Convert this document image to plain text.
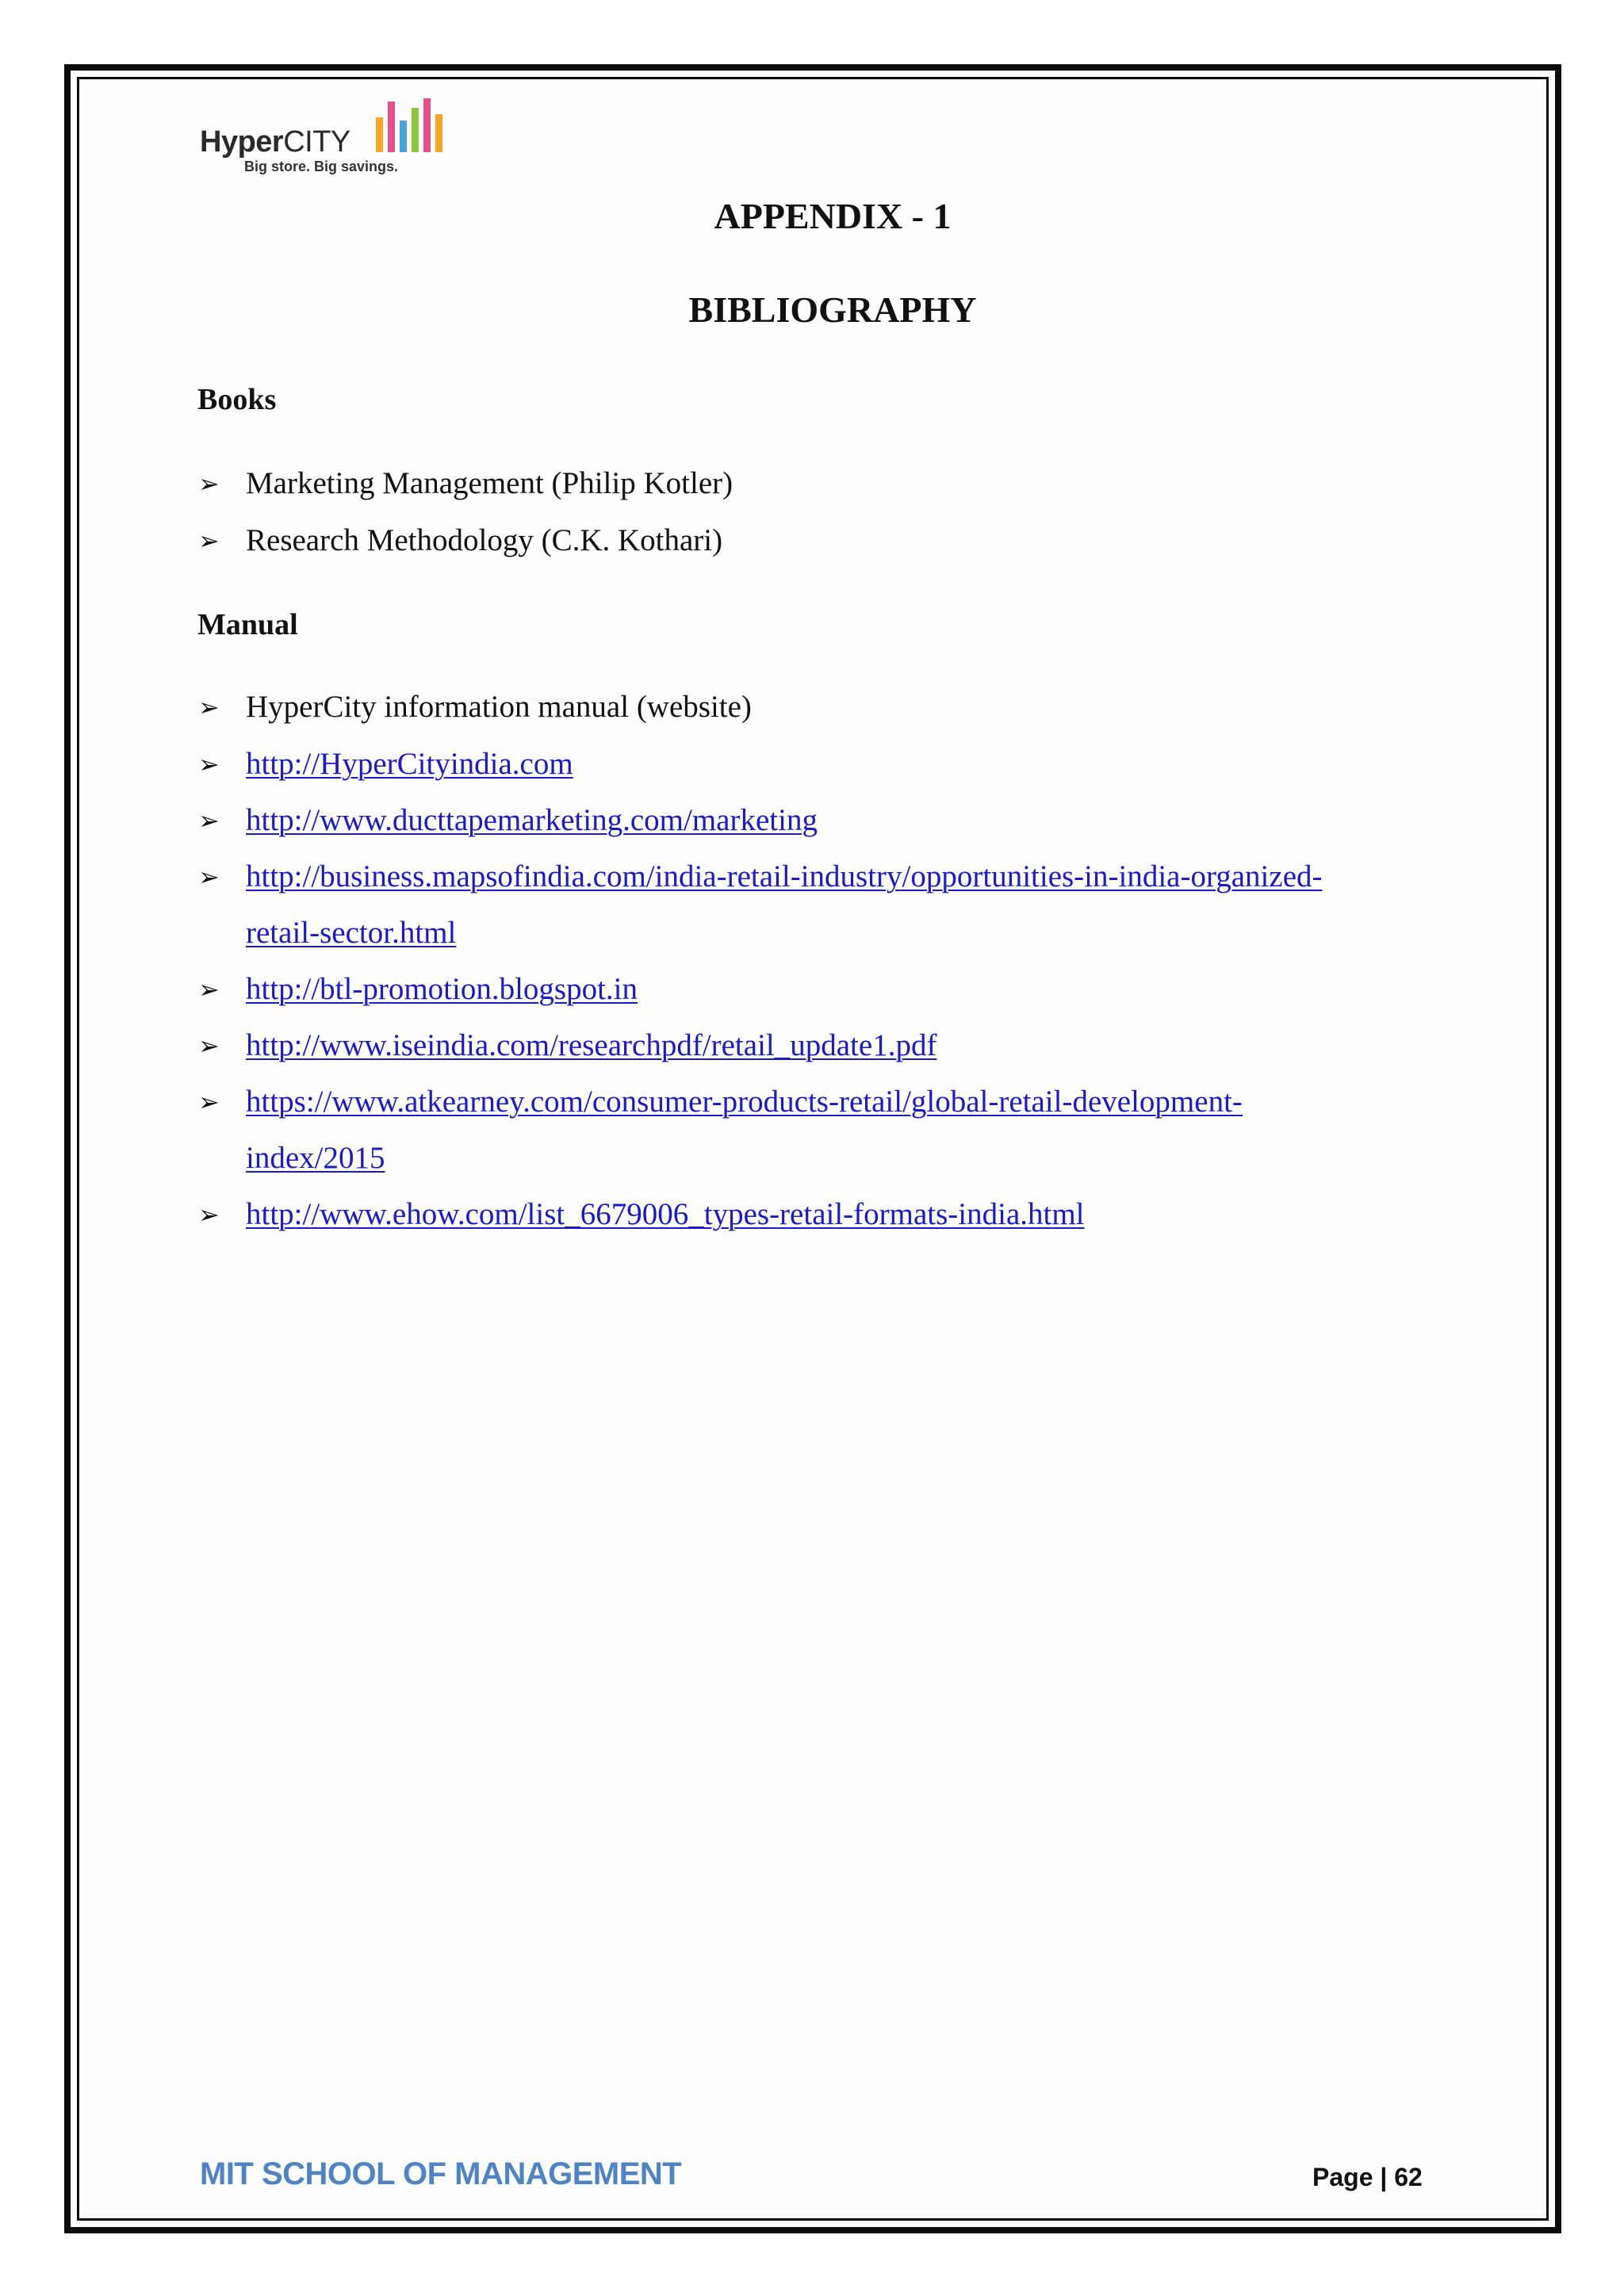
HyperCITY
Big store. Big savings.
APPENDIX - 1
BIBLIOGRAPHY
Books
➢ Marketing Management (Philip Kotler)
➢ Research Methodology (C.K. Kothari)
Manual
➢ HyperCity information manual (website)
➢ http://HyperCityindia.com
➢ http://www.ducttapemarketing.com/marketing
➢ http://business.mapsofindia.com/india-retail-industry/opportunities-in-india-organized-
retail-sector.html
➢ http://btl-promotion.blogspot.in
➢ http://www.iseindia.com/researchpdf/retail_update1.pdf
➢ https://www.atkearney.com/consumer-products-retail/global-retail-development-
index/2015
➢ http://www.ehow.com/list_6679006_types-retail-formats-india.html
MIT SCHOOL OF MANAGEMENT	Page | 62
